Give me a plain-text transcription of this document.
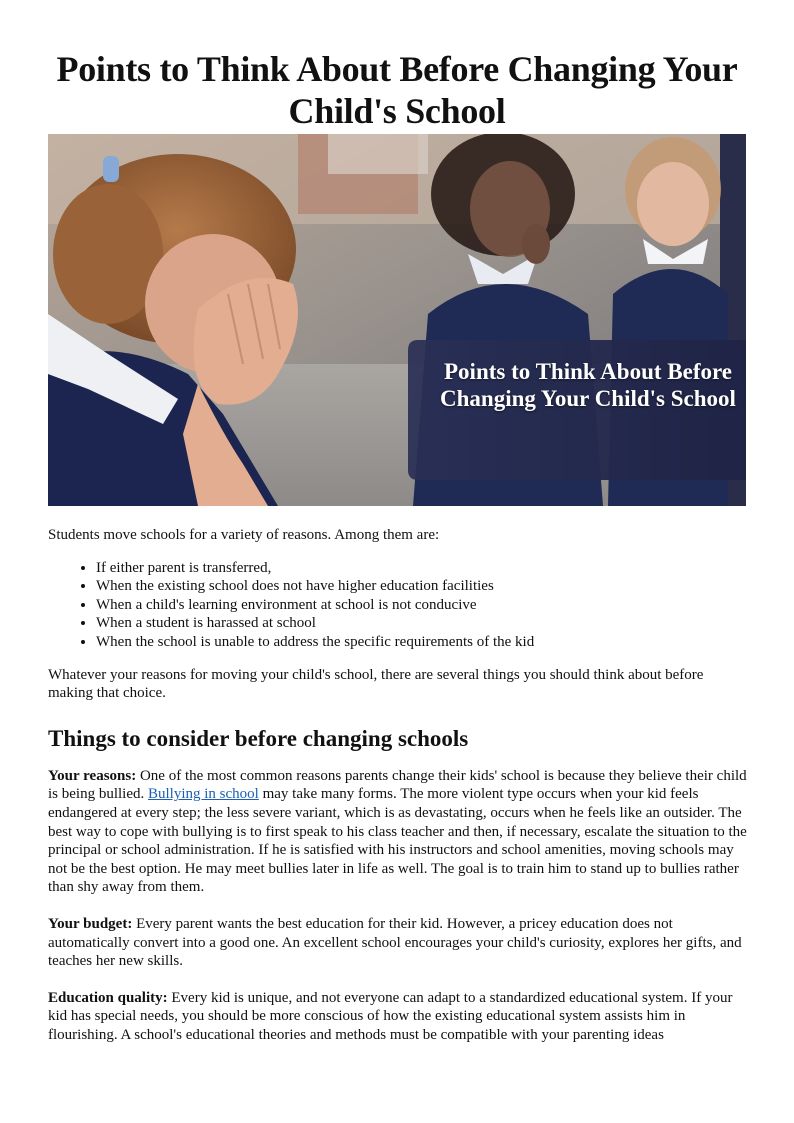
Points to Think About Before Changing Your Child's School
Points to Think About Before Changing Your Child's School

Students move schools for a variety of reasons. Among them are:

• If either parent is transferred,
• When the existing school does not have higher education facilities
• When a child's learning environment at school is not conducive
• When a student is harassed at school
• When the school is unable to address the specific requirements of the kid

Whatever your reasons for moving your child's school, there are several things you should think about before making that choice.

Things to consider before changing schools

Your reasons: One of the most common reasons parents change their kids' school is because they believe their child is being bullied. Bullying in school may take many forms. The more violent type occurs when your kid feels endangered at every step; the less severe variant, which is as devastating, occurs when he feels like an outsider. The best way to cope with bullying is to first speak to his class teacher and then, if necessary, escalate the situation to the principal or school administration. If he is satisfied with his instructors and school amenities, moving schools may not be the best option. He may meet bullies later in life as well. The goal is to train him to stand up to bullies rather than shy away from them.

Your budget: Every parent wants the best education for their kid. However, a pricey education does not automatically convert into a good one. An excellent school encourages your child's curiosity, explores her gifts, and teaches her new skills.

Education quality: Every kid is unique, and not everyone can adapt to a standardized educational system. If your kid has special needs, you should be more conscious of how the existing educational system assists him in flourishing. A school's educational theories and methods must be compatible with your parenting ideas
